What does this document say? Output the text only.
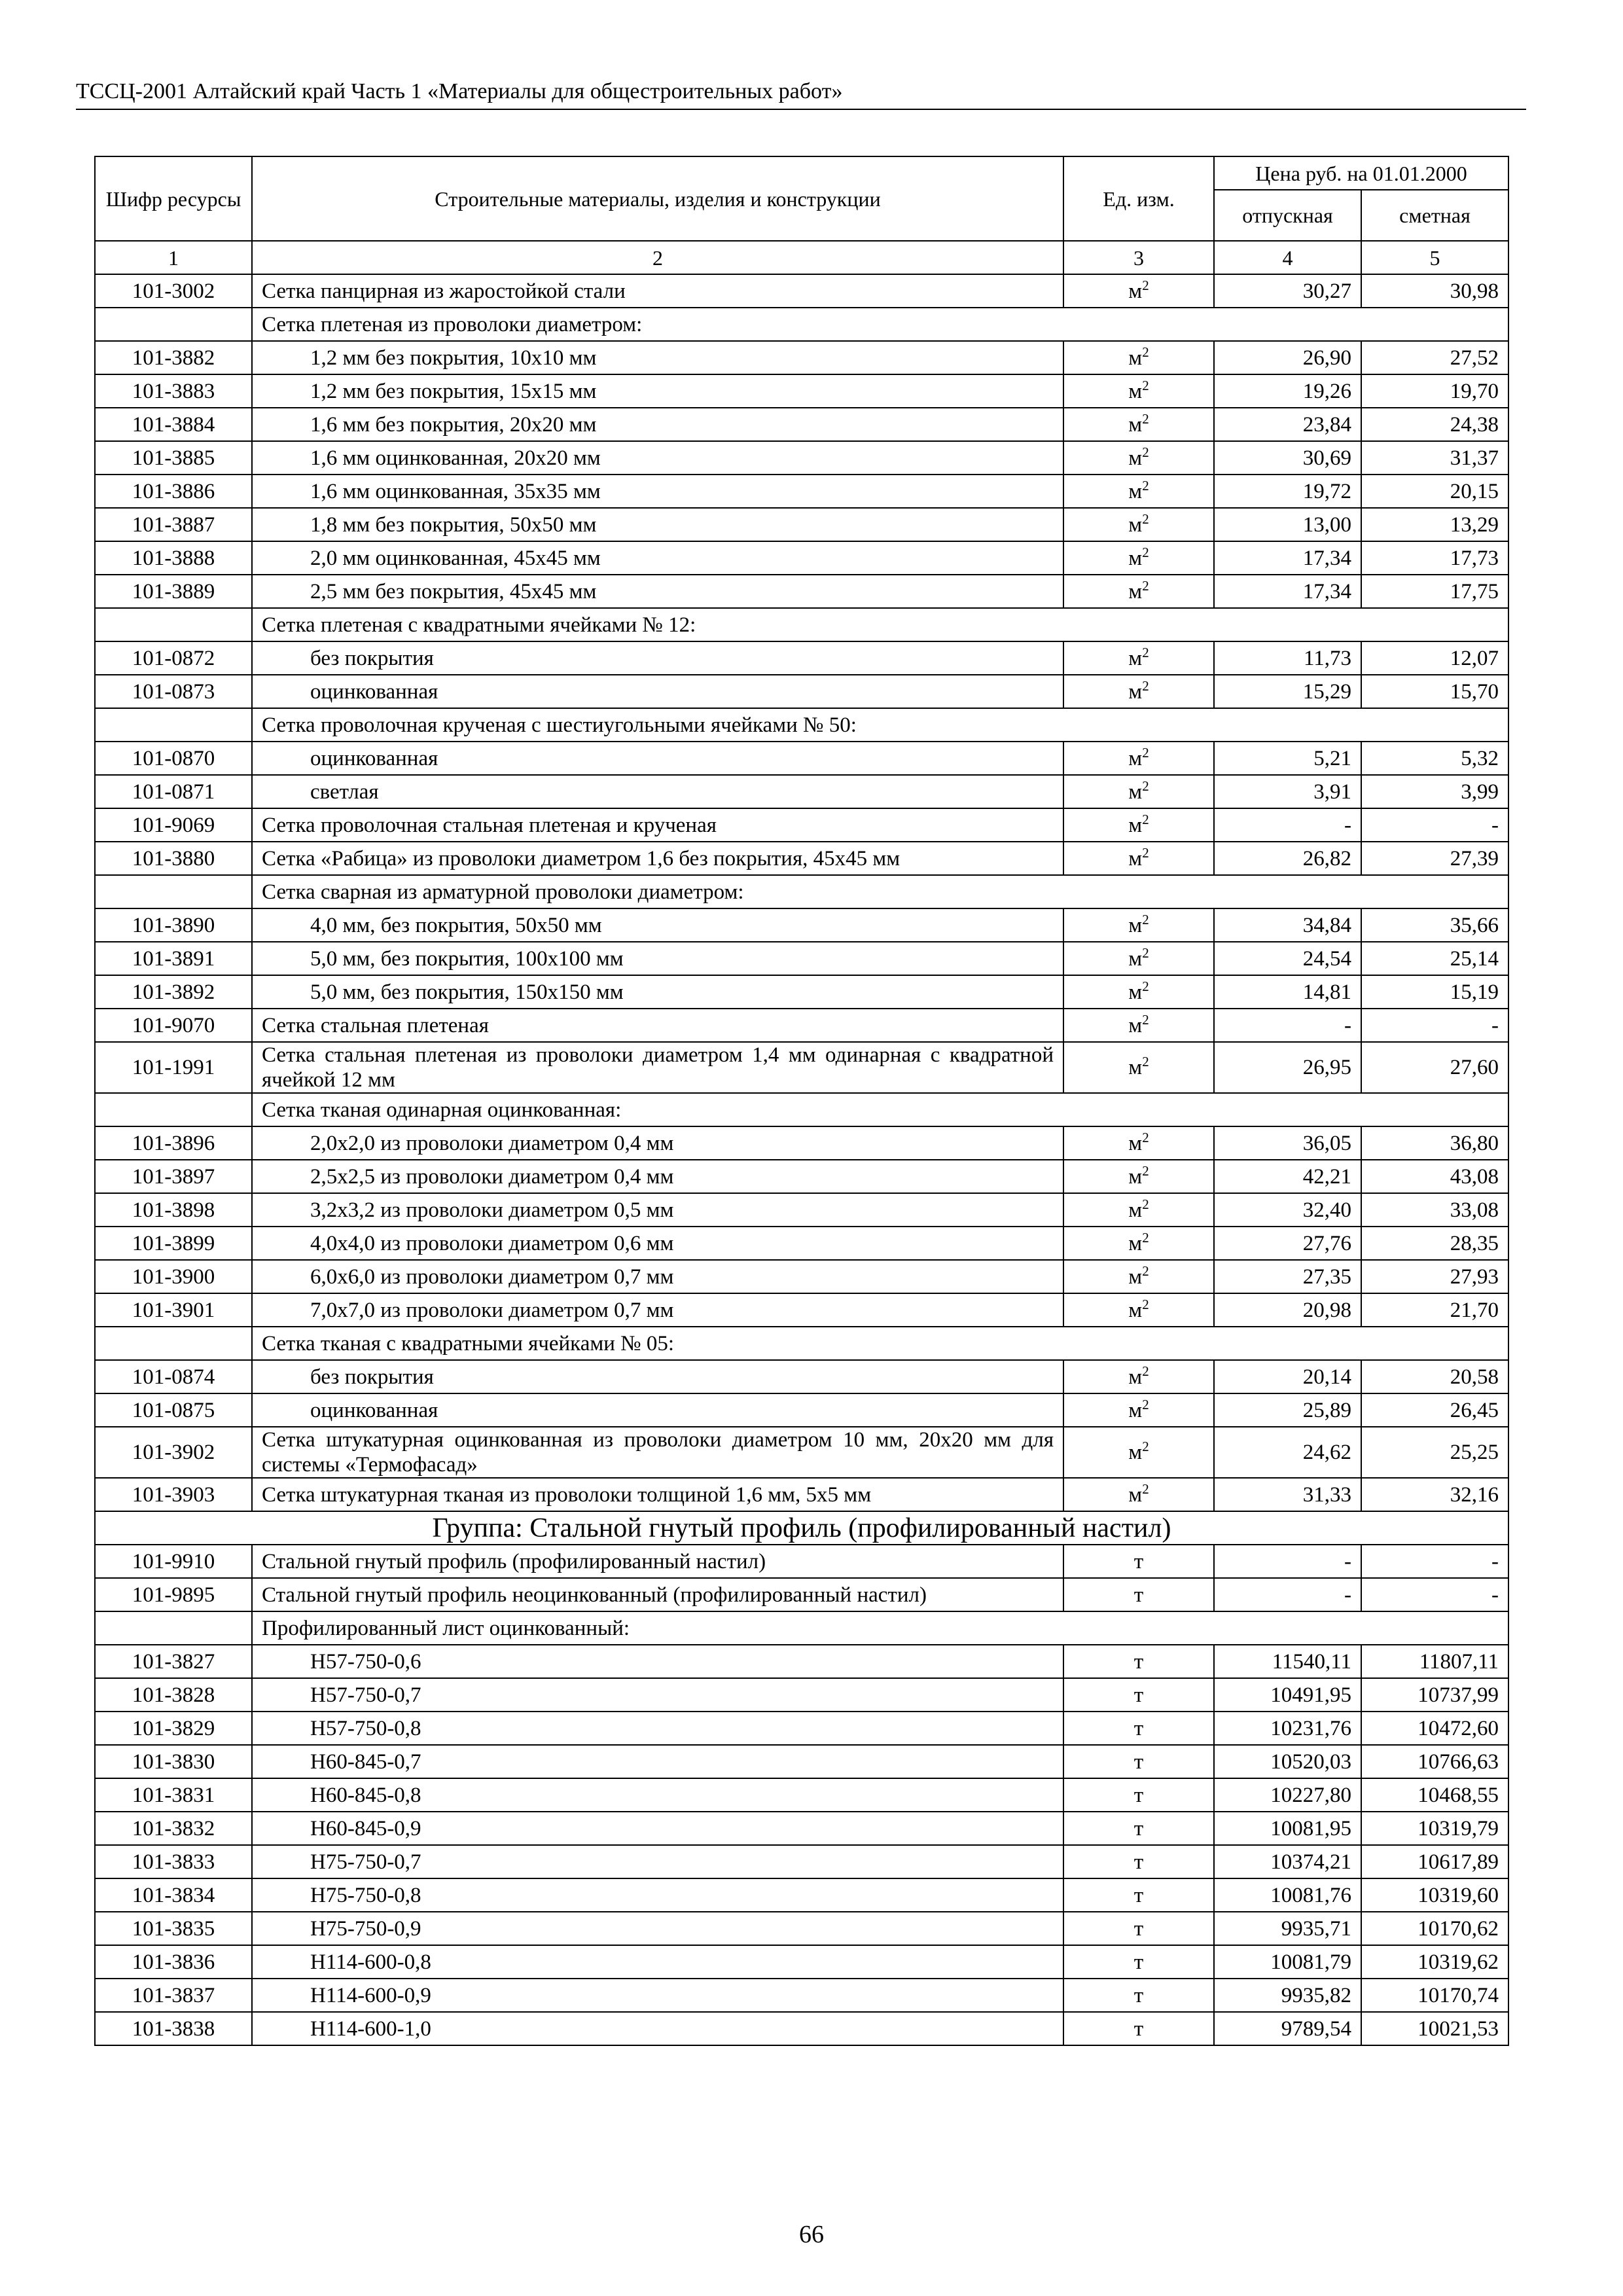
ТССЦ-2001 Алтайский край Часть 1 «Материалы для общестроительных работ»
Шифр ресурсы	Строительные материалы, изделия и конструкции	Ед. изм.	Цена руб. на 01.01.2000	
			отпускная	сметная
1	2	3	4	5
101-3002	Сетка панцирная из жаростойкой стали	$м^2$	30,27	30,98
	Сетка плетеная из проволоки диаметром:			
101-3882	1,2 мм без покрытия, 10x10 мм	$м^2$	26,90	27,52
101-3883	1,2 мм без покрытия, 15x15 мм	$м^2$	19,26	19,70
101-3884	1,6 мм без покрытия, 20x20 мм	$м^2$	23,84	24,38
101-3885	1,6 мм оцинкованная, 20x20 мм	$м^2$	30,69	31,37
101-3886	1,6 мм оцинкованная, 35x35 мм	$м^2$	19,72	20,15
101-3887	1,8 мм без покрытия, 50x50 мм	$м^2$	13,00	13,29
101-3888	2,0 мм оцинкованная, 45x45 мм	$м^2$	17,34	17,73
101-3889	2,5 мм без покрытия, 45x45 мм	$м^2$	17,34	17,75
	Сетка плетеная с квадратными ячейками № 12:			
101-0872	без покрытия	$м^2$	11,73	12,07
101-0873	оцинкованная	$м^2$	15,29	15,70
	Сетка проволочная крученая с шестиугольными ячейками № 50:			
101-0870	оцинкованная	$м^2$	5,21	5,32
101-0871	светлая	$м^2$	3,91	3,99
101-9069	Сетка проволочная стальная плетеная и крученая	$м^2$	-	-
101-3880	Сетка «Рабица» из проволоки диаметром 1,6 без покрытия, 45x45 мм	$м^2$	26,82	27,39
	Сетка сварная из арматурной проволоки диаметром:			
101-3890	4,0 мм, без покрытия, 50x50 мм	$м^2$	34,84	35,66
101-3891	5,0 мм, без покрытия, 100x100 мм	$м^2$	24,54	25,14
101-3892	5,0 мм, без покрытия, 150x150 мм	$м^2$	14,81	15,19
101-9070	Сетка стальная плетеная	$м^2$	-	-
101-1991	Сетка стальная плетеная из проволоки диаметром 1,4 мм одинарная с квадратной ячейкой 12 мм	$м^2$	26,95	27,60
	Сетка тканая одинарная оцинкованная:			
101-3896	2,0x2,0 из проволоки диаметром 0,4 мм	$м^2$	36,05	36,80
101-3897	2,5x2,5 из проволоки диаметром 0,4 мм	$м^2$	42,21	43,08
101-3898	3,2x3,2 из проволоки диаметром 0,5 мм	$м^2$	32,40	33,08
101-3899	4,0x4,0 из проволоки диаметром 0,6 мм	$м^2$	27,76	28,35
101-3900	6,0x6,0 из проволоки диаметром 0,7 мм	$м^2$	27,35	27,93
101-3901	7,0x7,0 из проволоки диаметром 0,7 мм	$м^2$	20,98	21,70
	Сетка тканая с квадратными ячейками № 05:			
101-0874	без покрытия	$м^2$	20,14	20,58
101-0875	оцинкованная	$м^2$	25,89	26,45
101-3902	Сетка штукатурная оцинкованная из проволоки диаметром 10 мм, 20x20 мм для системы «Термофасад»	$м^2$	24,62	25,25
101-3903	Сетка штукатурная тканая из проволоки толщиной 1,6 мм, 5x5 мм	$м^2$	31,33	32,16
Группа: Стальной гнутый профиль (профилированный настил)				
101-9910	Стальной гнутый профиль (профилированный настил)	т	-	-
101-9895	Стальной гнутый профиль неоцинкованный (профилированный настил)	т	-	-
	Профилированный лист оцинкованный:			
101-3827	Н57-750-0,6	т	11540,11	11807,11
101-3828	Н57-750-0,7	т	10491,95	10737,99
101-3829	Н57-750-0,8	т	10231,76	10472,60
101-3830	Н60-845-0,7	т	10520,03	10766,63
101-3831	Н60-845-0,8	т	10227,80	10468,55
101-3832	Н60-845-0,9	т	10081,95	10319,79
101-3833	Н75-750-0,7	т	10374,21	10617,89
101-3834	Н75-750-0,8	т	10081,76	10319,60
101-3835	Н75-750-0,9	т	9935,71	10170,62
101-3836	Н114-600-0,8	т	10081,79	10319,62
101-3837	Н114-600-0,9	т	9935,82	10170,74
101-3838	Н114-600-1,0	т	9789,54	10021,53
66
